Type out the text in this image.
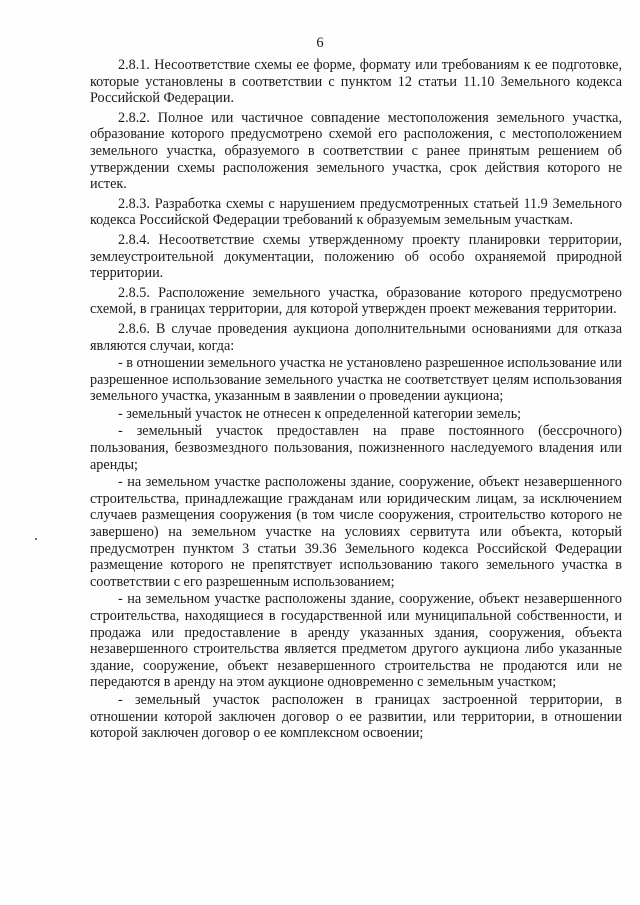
6

2.8.1. Несоответствие схемы ее форме, формату или требованиям к ее подготовке, которые установлены в соответствии с пунктом 12 статьи 11.10 Земельного кодекса Российской Федерации.

2.8.2. Полное или частичное совпадение местоположения земельного участка, образование которого предусмотрено схемой его расположения, с местоположением земельного участка, образуемого в соответствии с ранее принятым решением об утверждении схемы расположения земельного участка, срок действия которого не истек.

2.8.3. Разработка схемы с нарушением предусмотренных статьей 11.9 Земельного кодекса Российской Федерации требований к образуемым земельным участкам.

2.8.4. Несоответствие схемы утвержденному проекту планировки территории, землеустроительной документации, положению об особо охраняемой природной территории.

2.8.5. Расположение земельного участка, образование которого предусмотрено схемой, в границах территории, для которой утвержден проект межевания территории.

2.8.6. В случае проведения аукциона дополнительными основаниями для отказа являются случаи, когда:

- в отношении земельного участка не установлено разрешенное использование или разрешенное использование земельного участка не соответствует целям использования земельного участка, указанным в заявлении о проведении аукциона;

- земельный участок не отнесен к определенной категории земель;

- земельный участок предоставлен на праве постоянного (бессрочного) пользования, безвозмездного пользования, пожизненного наследуемого владения или аренды;

- на земельном участке расположены здание, сооружение, объект незавершенного строительства, принадлежащие гражданам или юридическим лицам, за исключением случаев размещения сооружения (в том числе сооружения, строительство которого не завершено) на земельном участке на условиях сервитута или объекта, который предусмотрен пунктом 3 статьи 39.36 Земельного кодекса Российской Федерации размещение которого не препятствует использованию такого земельного участка в соответствии с его разрешенным использованием;

- на земельном участке расположены здание, сооружение, объект незавершенного строительства, находящиеся в государственной или муниципальной собственности, и продажа или предоставление в аренду указанных здания, сооружения, объекта незавершенного строительства является предметом другого аукциона либо указанные здание, сооружение, объект незавершенного строительства не продаются или не передаются в аренду на этом аукционе одновременно с земельным участком;

- земельный участок расположен в границах застроенной территории, в отношении которой заключен договор о ее развитии, или территории, в отношении которой заключен договор о ее комплексном освоении;
